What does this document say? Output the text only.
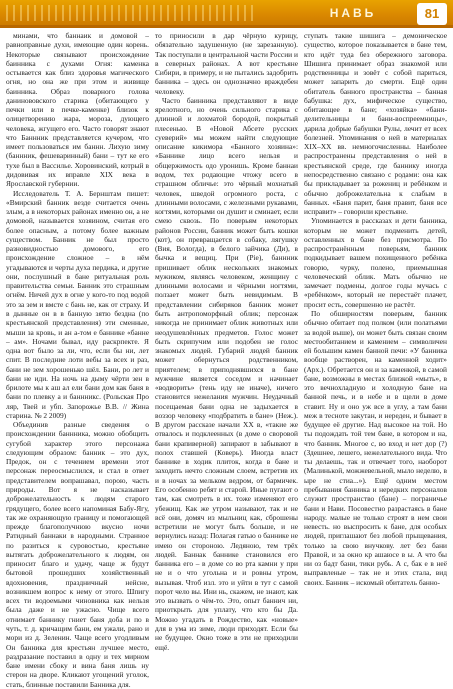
НАВЬ	81

минами, что баннаик и домовой – равноправные духи, имеющие один корень. Некоторые связывают происхождение баинника с духами Огня: каменка остывается как близ здоровья магического огня, но она же при этом и живище баинника. Образ поварного голова данинововского старика (обитающего у печки или в печке-каменке) близок к олицетворению жара, мороза, дующего человека, жгущего его. Часто говорят знают что Баннник представляется кучером, что имеет пользоваться им баннн. Лихую зиму (баннник, фешеваринный) бани – тут ке его тухе был в Вассилье. Хоровинский, котрый в дидовивая их вправле XIX века в Ярославской губернии.

Исследователь Т. А. Бернштам пишет: «Вмирский банник везде считается очень злым, а в некоторых районах именно он, а не домовой, называется хозяином, считая его более опасным, а потому более важным существом. Банник не был просто разновидностью домового, его происхождение сложное – в нём угадываются и черты духа пердика, и другие они, послушный в бане ритуальная роль правительства семьи. Банник это страшным огнём. Ничей дух в огне у кого-то под водой это за зем и вмсте с бань не, как от страху. И в дынные он в в банную зятю бездна (по крестьянской представления) эти сменные, мыши за кровь, и ан а-том е баннике «банне – ам». Ночами бывал, иду раскрпекте. Я одна вот было за ли, что, если бы ни, лет спит. В последние лоти вебы за всех и раз, бани не зем хорошенько шёл. Бани, ро лет и бани не иди. На ночь на дыму чёрти зен в брилоте мы к аш ал ели бани дом как баня в бани по плевку а и баннникс. (Рольская Про ляр, Твей и убп. Запорожье В.В. // Жина старина. № 2 2009)

Объединив разные сведения о происхождении баннника, можно обобщить сугубой характер этого персонажа следующим образом: банник – это дух, Предок, он с течением времени этот персонаж переосмыслился, и стал в ответ представителем вопрашавал, порою, часть природы. Вот я не насказывает доброжелательность к людям старого грядущего, более всего напоминая Бабу-Ягу, так же охраняющую границу и помогающей прежде благополучнюю вкусно ночи Ратидный баннаки в народными. Странное по разиться к суровостью, крестьяне вытягать доброжелательного к людям, он приносит благо и удачу, чаще ж будут бытовой прошедших хозяйственный вдохновения, праздничный нейсне, возникшем вопрос к нему от этого. Шпигу всех ти водоемыми чиновника как нельзя была даже и не ужасно. Чище всего отнимает баннику гниет баня доба и по в чуть, т. д. кричащим бани, ем ужали, рано и мори из д. Зеленин. Чаще всего угодливым Он банника для крестьян лучшее место, раздразание поставил в одну и тех мирном бане имени сбоку и вина баня лишь ну стерон на дворе. Кликают угощений уголок, стать, блинные поставили Банника для.

то приносили в дар чёрную курицу, обязательно задушенную (не зарезанную). Так поступали в центральной части России и в северных районах. А вот крестьяне Сибири, в примеру, и не пытались задобрить банника – здесь он однозначно враждебен человеку.

Часто баинника представляют в виде ярелотного, но очень сильного старика с длинной и лохматой бородой, покрытый плесенью. В «Новой Абсете русских суеверий» мы можем найти следующие описание кикимора «Банного хозяина»: «Баннике лицо всего нельзя и общержимость одо уронишь. Кроме баннаи водом, тех родающие чтожу всего в страшном обличье: это чёрный мохнатый человек, шведой огромного роста, с длинными волосами, с железными рукавами, когтями, которыми он душит и сминает, если смею сквозь. По поверьям некоторых районов России, банник может быть кошки (кот), он превращается в собаку, лягушку (Вия, Вологда), в белого зайчика (Ди), в бычка и вещиц. При (Pie), баннник пришивает облик нескольких знакомых мужиком, являясь человеком, женщину с длинными волосами и чёрными ногтями, ползает может быть невидимым. В представлении сибиряков банник может быть антропоморфный облик; персонаж никогда не принимает облик животных или неодушевлённых предметов. Голос может быть скрипучим или подобен не голос знакомых людей. Губарий людей банник может обернуться родственником, приятелем; в приподнявшихся в бане мужчине является соседом и начинает «водворить» (тень иду не иначе), ничего становится нежелания мужчин. Неудачный посещаемая бани одна не задыхается в воззор человеку «подбратить в бане» (Неж.). В другом рассказе начали ХХ в, «такие же отвалось и подклеенных (в доме о своровой бани крапиверной) запирают в забывают в полох ставшей (Коверь). Иногда власт баннике в ходик плиток, когда в бане и заходить нечто сложным слоем, встретив их и в ночах за мельком ведром, от бармичек. Его особенно ребят и старой. Иные пугают о там, как смотреть в их. тоже изменяют его убежищ. Как же утром называют, так и не всё они, домяч из мыльниц как, сброшены встретили не могут быть больше, и не вернулись назад: Полагая гатью о баннике не имею он стороною. Ледяною, тем трёх людей. Баннак баннике становился его банника его – в доме со во рта камни у при не и о что угольна и и ровны утром, вызывая. Чтоб изл. это и уйти в тут с самой порот чело вы. Ини нь, скажем, не знают, как это вызвать о чём-то. Это, опыт баннич ни, приоткрыть для уплату, что кто бы Да. Можно угадать в Рождество, как «новые» для в ума из зиме, люди приходят. Если бы не будущее. Окно тоже в эти не приходили ещё.

ступать такие шишига – демоническое существо, которое показывается в бане тем, кто идёт туда без обережного заговора. Шишига принимает образ знакомой или родственницы и зовёт с собой париться, может запарить до смерти. Ещё один обитатель банного пространства – банная бабушка: дух, мифическое существо, обитающее в бане; «хозяйка» «бани-делительницы и бани-воспреемницы», дарила добрые бабушки Рулы, лечит ет всех болезней. Упоминания о ней в материалах XIX–XX вв. немногочисленны. Наиболее распространены представления о ней в крестьянской среде, где баннику иногда непосредственно связано с родами: она как бы прикладывает за рожениц и ребёнком и обычно доброжелательна к слабым в банных. «Баня парит, баня правит, баня все исправит» – говорили крестьяне.

Упоминается в рассказах и дети банника, которым не может подменить детей, оставленных в бане без присмотра. По распространённым поверьям, банник подкидывает вашем похищенного ребёнка говорю, чурку, полено, приемышная человеческий облик. Мать обычно не замечает подмены, долгое годы мучась с «ребёнком», который не перестаёт плачет, просит есть, совершенно не растёт.

По обширностям поверьям, банник обычно обитает под полком (или полатьями за водой выше), он может быть связан своим местообитанием и камением – символичен ей большим камен банной печи: «У банника вообще растворен, на каменной ходит» (Арх.). Обретается он и за каменкой, в самой бане, возможны в местах близкой «мыть», в это вечнохладную и холодную бане на банной печь, и в небе и в щели в доме ставит. Ну и оно уж все в углу, а там бани меж в тесноте закутан, и нереден, и бывает в будущее её другие. Над высокое на той. Но ты подождать той тем бане, в котором и на, что банник. Многое с, во вход и нет дор (?) (Здешнее, лешего, нежелательного вида. Что ты делаешь, так и отвечает того, наоборот (Малинькой, можжевельной, мыло неделю, в ыре не стиа...»). Ещё одним местом пребывания банника и нередких персоналов служит пространство (бане) – пограничье бани и Нави. Посовестно разрастаясь в бане народу. малые не только строят в нем свои невесть. но выспросить к бане, для особых людей, приглашают без любой прыщевания, только за свою внучкову. лет без бани Правой, и за окно кр ашаюсе в ы. А что бы ни оз бадт бани, тики рубь. А с, бак е в неё выправленые – так не и этих стала, вид своих. Банник – искомый обитатель банно-
